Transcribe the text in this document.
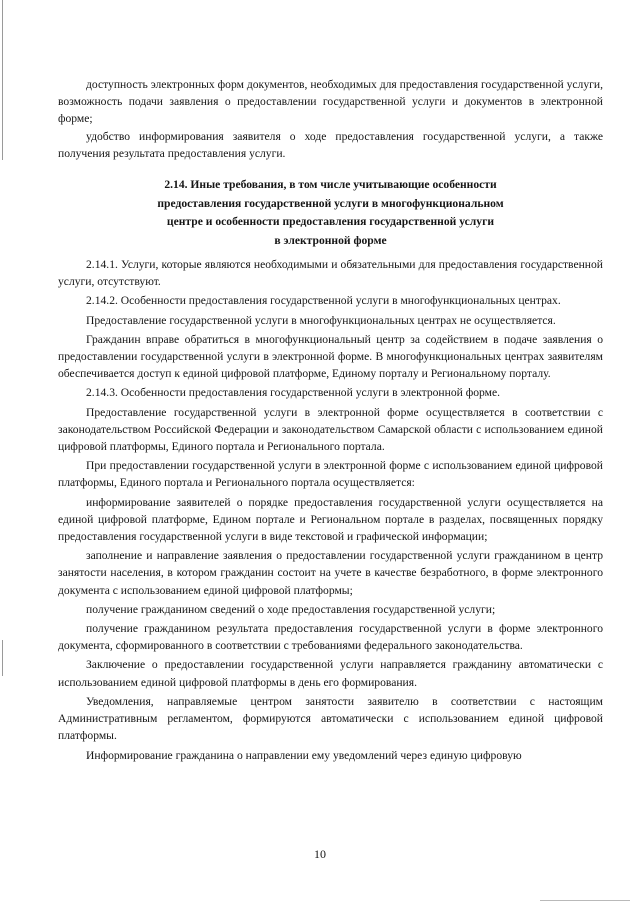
доступность электронных форм документов, необходимых для предоставления государственной услуги, возможность подачи заявления о предоставлении государственной услуги и документов в электронной форме;

удобство информирования заявителя о ходе предоставления государственной услуги, а также получения результата предоставления услуги.

2.14. Иные требования, в том числе учитывающие особенности
предоставления государственной услуги в многофункциональном
центре и особенности предоставления государственной услуги
в электронной форме

2.14.1. Услуги, которые являются необходимыми и обязательными для предоставления государственной услуги, отсутствуют.

2.14.2. Особенности предоставления государственной услуги в многофункциональных центрах.

Предоставление государственной услуги в многофункциональных центрах не осуществляется.

Гражданин вправе обратиться в многофункциональный центр за содействием в подаче заявления о предоставлении государственной услуги в электронной форме. В многофункциональных центрах заявителям обеспечивается доступ к единой цифровой платформе, Единому порталу и Региональному порталу.

2.14.3. Особенности предоставления государственной услуги в электронной форме.

Предоставление государственной услуги в электронной форме осуществляется в соответствии с законодательством Российской Федерации и законодательством Самарской области с использованием единой цифровой платформы, Единого портала и Регионального портала.

При предоставлении государственной услуги в электронной форме с использованием единой цифровой платформы, Единого портала и Регионального портала осуществляется:

информирование заявителей о порядке предоставления государственной услуги осуществляется на единой цифровой платформе, Едином портале и Региональном портале в разделах, посвященных порядку предоставления государственной услуги в виде текстовой и графической информации;

заполнение и направление заявления о предоставлении государственной услуги гражданином в центр занятости населения, в котором гражданин состоит на учете в качестве безработного, в форме электронного документа с использованием единой цифровой платформы;

получение гражданином сведений о ходе предоставления государственной услуги;

получение гражданином результата предоставления государственной услуги в форме электронного документа, сформированного в соответствии с требованиями федерального законодательства.

Заключение о предоставлении государственной услуги направляется гражданину автоматически с использованием единой цифровой платформы в день его формирования.

Уведомления, направляемые центром занятости заявителю в соответствии с настоящим Административным регламентом, формируются автоматически с использованием единой цифровой платформы.

Информирование гражданина о направлении ему уведомлений через единую цифровую

10
